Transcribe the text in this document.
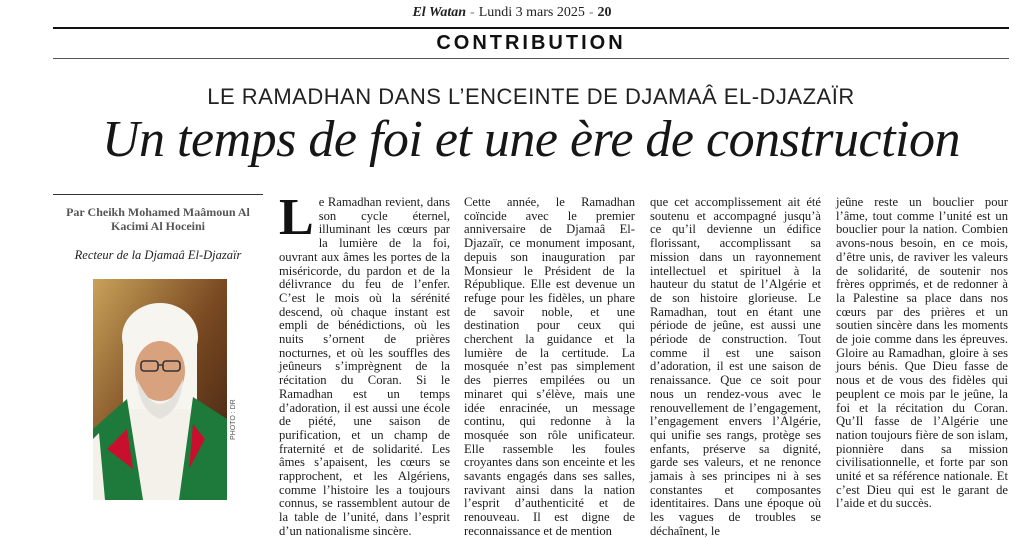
El Watan - Lundi 3 mars 2025 - 20
CONTRIBUTION
LE RAMADHAN DANS L’ENCEINTE DE DJAMAÂ EL-DJAZAÏR
Un temps de foi et une ère de construction
Par Cheikh Mohamed Maâmoun Al Kacimi Al Hoceini
Recteur de la Djamaâ El-Djazaïr
PHOTO : DR
Le Ramadhan revient, dans son cycle éternel, illuminant les cœurs par la lumière de la foi, ouvrant aux âmes les portes de la miséricorde, du pardon et de la délivrance du feu de l’enfer. C’est le mois où la sérénité descend, où chaque instant est empli de bénédictions, où les nuits s’ornent de prières nocturnes, et où les souffles des jeûneurs s’imprègnent de la récitation du Coran. Si le Ramadhan est un temps d’adoration, il est aussi une école de piété, une saison de purification, et un champ de fraternité et de solidarité. Les âmes s’apaisent, les cœurs se rapprochent, et les Algériens, comme l’histoire les a toujours connus, se rassemblent autour de la table de l’unité, dans l’esprit d’un nationalisme sincère.
Cette année, le Ramadhan coïncide avec le premier anniversaire de Djamaâ El-Djazaïr, ce monument imposant, depuis son inauguration par Monsieur le Président de la République. Elle est devenue un refuge pour les fidèles, un phare de savoir noble, et une destination pour ceux qui cherchent la guidance et la lumière de la certitude. La mosquée n’est pas simplement des pierres empilées ou un minaret qui s’élève, mais une idée enracinée, un message continu, qui redonne à la mosquée son rôle unificateur. Elle rassemble les foules croyantes dans son enceinte et les savants engagés dans ses salles, ravivant ainsi dans la nation l’esprit d’authenticité et de renouveau. Il est digne de reconnaissance et de mention
que cet accomplissement ait été soutenu et accompagné jusqu’à ce qu’il devienne un édifice florissant, accomplissant sa mission dans un rayonnement intellectuel et spirituel à la hauteur du statut de l’Algérie et de son histoire glorieuse. Le Ramadhan, tout en étant une période de jeûne, est aussi une période de construction. Tout comme il est une saison d’adoration, il est une saison de renaissance. Que ce soit pour nous un rendez-vous avec le renouvellement de l’engagement, l’engagement envers l’Algérie, qui unifie ses rangs, protège ses enfants, préserve sa dignité, garde ses valeurs, et ne renonce jamais à ses principes ni à ses constantes et composantes identitaires. Dans une époque où les vagues de troubles se déchaînent, le
jeûne reste un bouclier pour l’âme, tout comme l’unité est un bouclier pour la nation. Combien avons-nous besoin, en ce mois, d’être unis, de raviver les valeurs de solidarité, de soutenir nos frères opprimés, et de redonner à la Palestine sa place dans nos cœurs par des prières et un soutien sincère dans les moments de joie comme dans les épreuves. Gloire au Ramadhan, gloire à ses jours bénis. Que Dieu fasse de nous et de vous des fidèles qui peuplent ce mois par le jeûne, la foi et la récitation du Coran. Qu’Il fasse de l’Algérie une nation toujours fière de son islam, pionnière dans sa mission civilisationnelle, et forte par son unité et sa référence nationale. Et c’est Dieu qui est le garant de l’aide et du succès.
